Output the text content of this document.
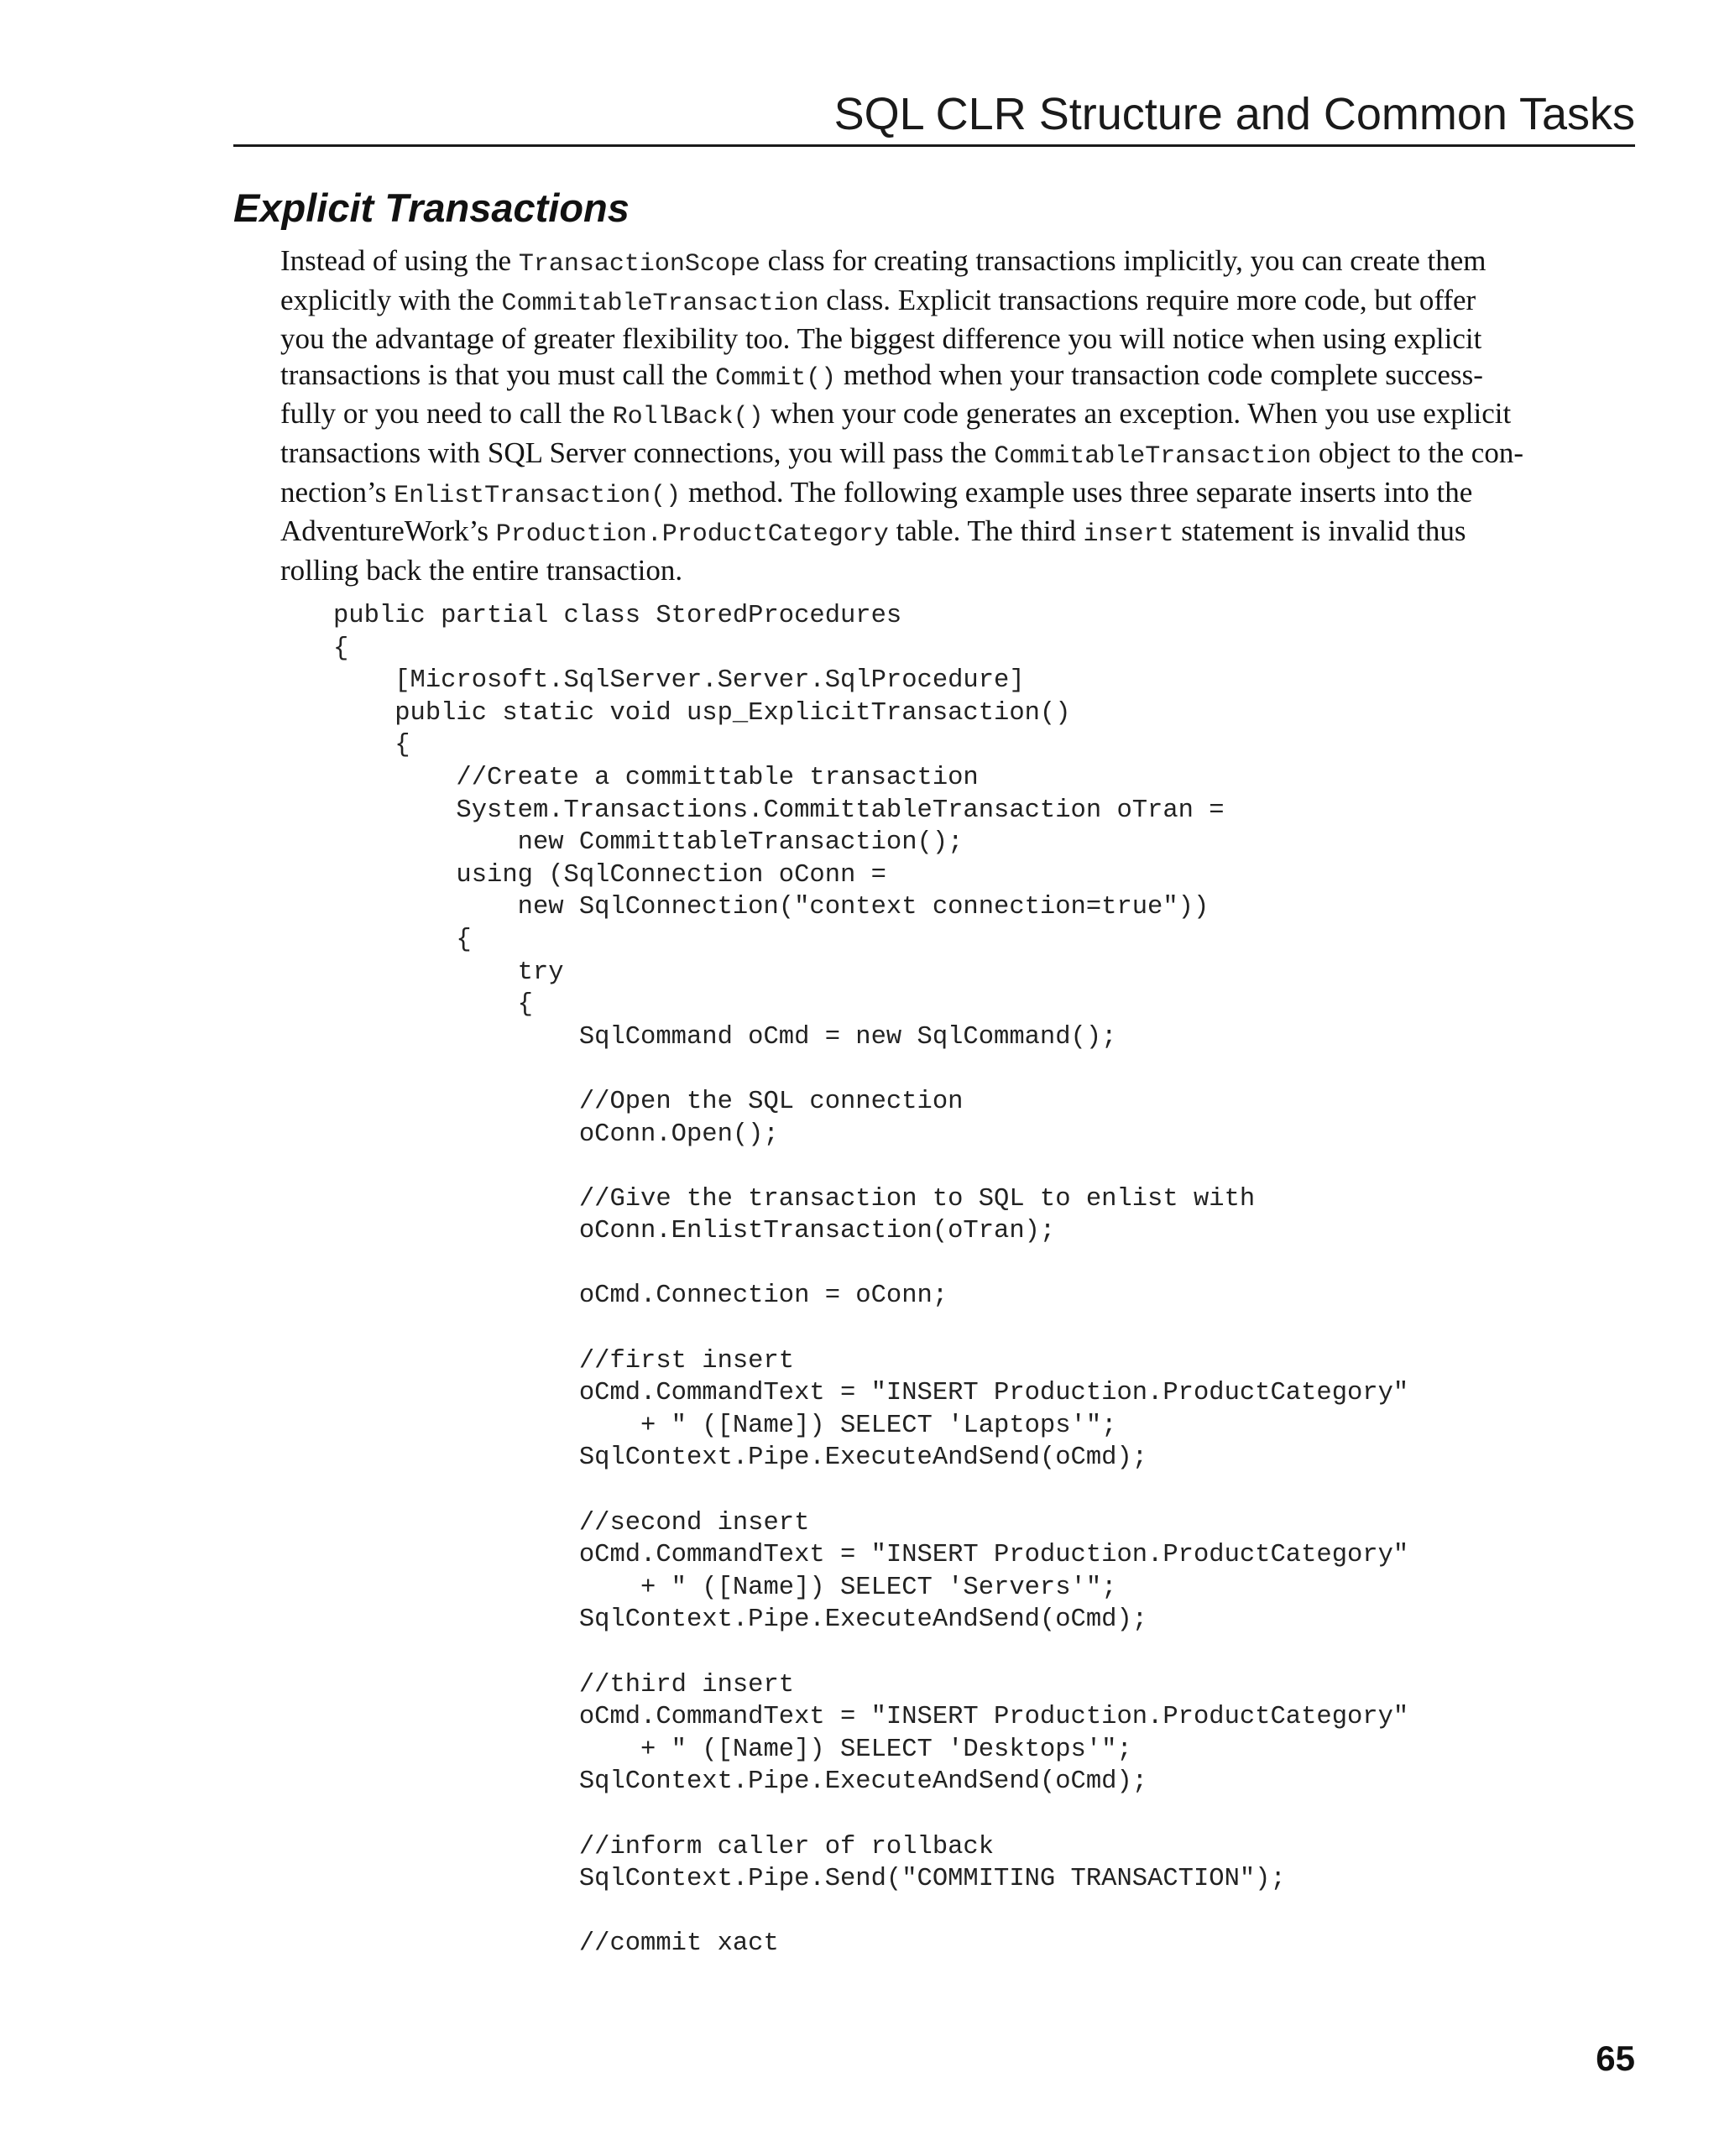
SQL CLR Structure and Common Tasks
Explicit Transactions
Instead of using the TransactionScope class for creating transactions implicitly, you can create them
explicitly with the CommitableTransaction class. Explicit transactions require more code, but offer
you the advantage of greater flexibility too. The biggest difference you will notice when using explicit
transactions is that you must call the Commit() method when your transaction code complete success-
fully or you need to call the RollBack() when your code generates an exception. When you use explicit
transactions with SQL Server connections, you will pass the CommitableTransaction object to the con-
nection’s EnlistTransaction() method. The following example uses three separate inserts into the
AdventureWork’s Production.ProductCategory table. The third insert statement is invalid thus
rolling back the entire transaction.
public partial class StoredProcedures
{
[Microsoft.SqlServer.Server.SqlProcedure]
public static void usp_ExplicitTransaction()
{
//Create a committable transaction
System.Transactions.CommittableTransaction oTran =
new CommittableTransaction();
using (SqlConnection oConn =
new SqlConnection("context connection=true"))
{
try
{
SqlCommand oCmd = new SqlCommand();
//Open the SQL connection
oConn.Open();
//Give the transaction to SQL to enlist with
oConn.EnlistTransaction(oTran);
oCmd.Connection = oConn;
//first insert
oCmd.CommandText = "INSERT Production.ProductCategory"
+ " ([Name]) SELECT 'Laptops'";
SqlContext.Pipe.ExecuteAndSend(oCmd);
//second insert
oCmd.CommandText = "INSERT Production.ProductCategory"
+ " ([Name]) SELECT 'Servers'";
SqlContext.Pipe.ExecuteAndSend(oCmd);
//third insert
oCmd.CommandText = "INSERT Production.ProductCategory"
+ " ([Name]) SELECT 'Desktops'";
SqlContext.Pipe.ExecuteAndSend(oCmd);
//inform caller of rollback
SqlContext.Pipe.Send("COMMITING TRANSACTION");
//commit xact
65
